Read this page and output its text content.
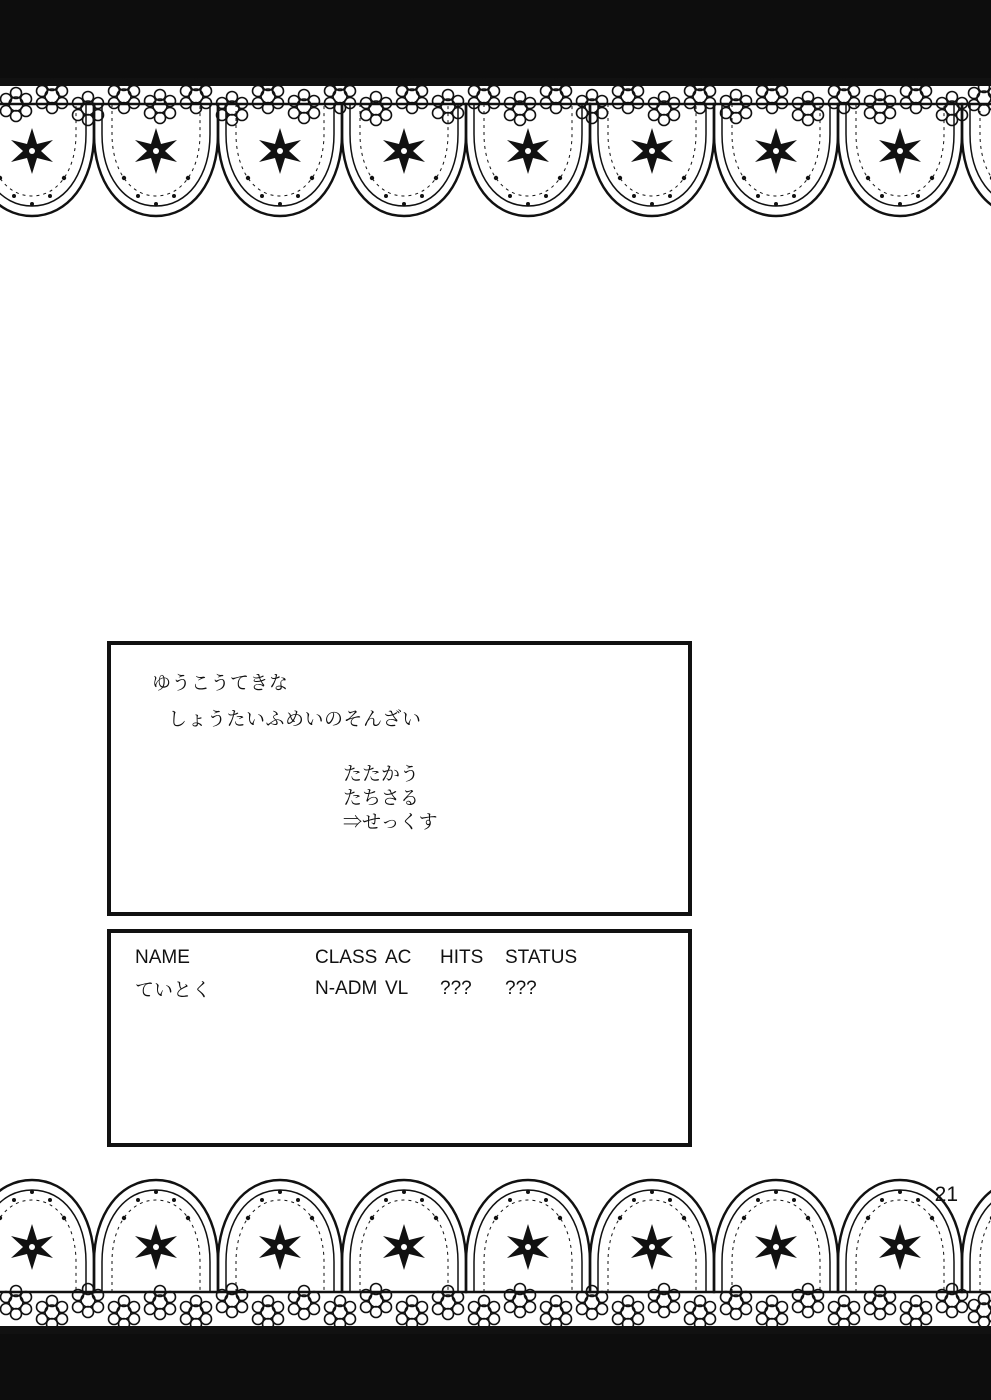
ゆうこうてきな
しょうたいふめいのそんざい
たたかう
たちさる
⇒せっくす
NAME	CLASS	AC	HITS	STATUS
ていとく	N-ADM	VL	???	???
21
